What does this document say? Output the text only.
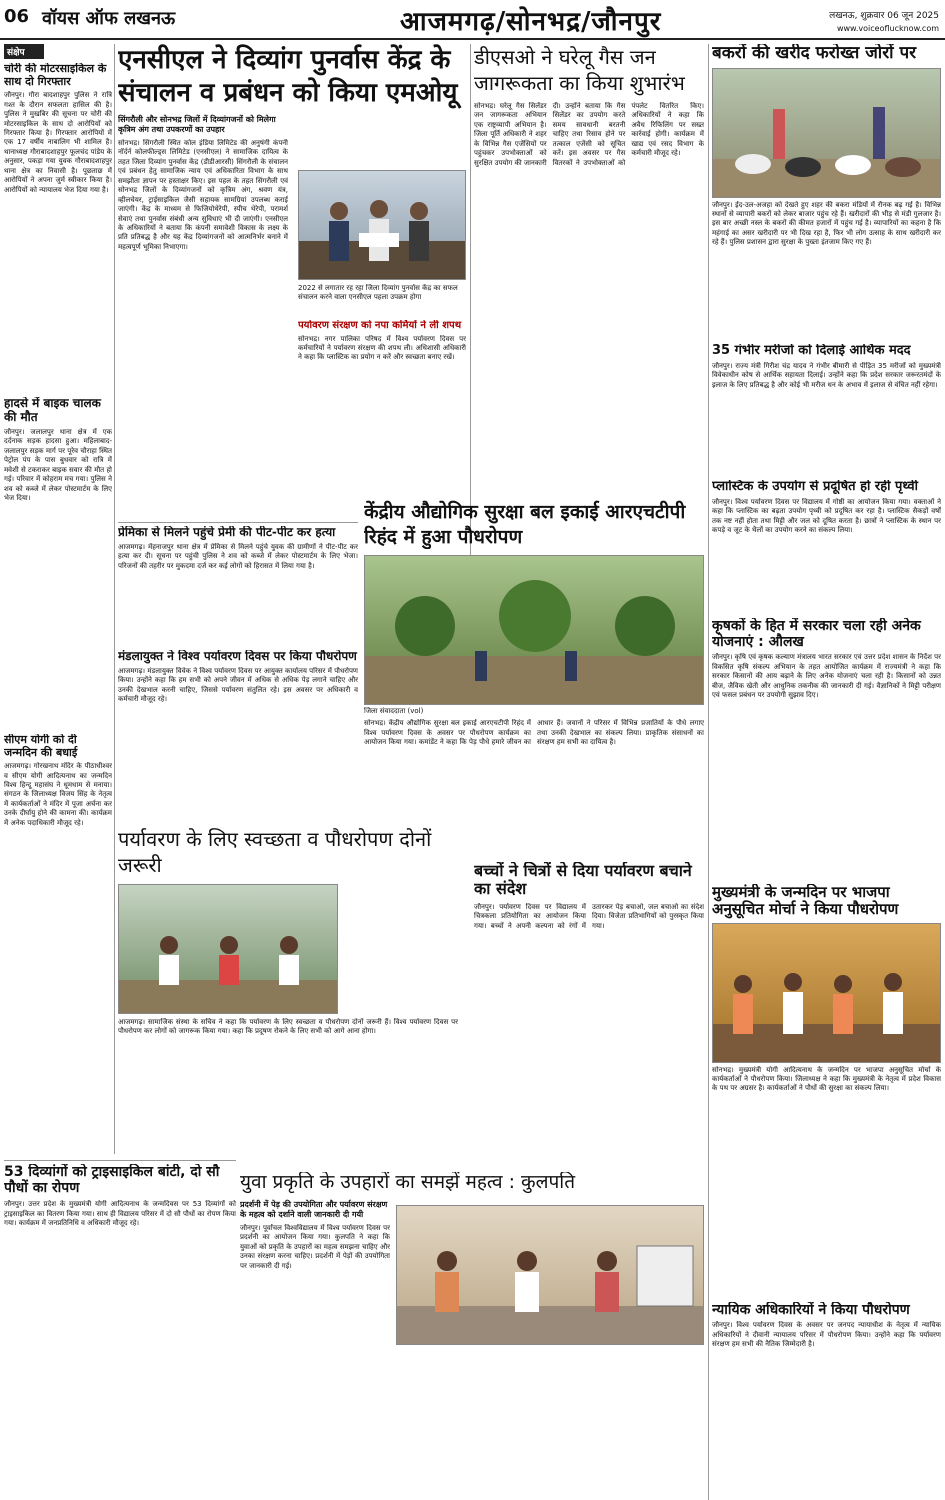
06 वॉयस ऑफ लखनऊ	आजमगढ़/सोनभद्र/जौनपुर	लखनऊ, शुक्रवार 06 जून 2025
www.voiceoflucknow.com
संक्षेप
चोरी की मोटरसाइकिल के साथ दो गिरफ्तार
जौनपुर। गौरा बादशाहपुर पुलिस ने रात्रि गश्त के दौरान सफलता हासिल की है। पुलिस ने मुखबिर की सूचना पर चोरी की मोटरसाइकिल के साथ दो आरोपियों को गिरफ्तार किया है। गिरफ्तार आरोपियों में एक 17 वर्षीय नाबालिग भी शामिल है। थानाध्यक्ष गौराबादशाहपुर फूलचंद पांडेय के अनुसार, पकड़ा गया युवक गौराबादशाहपुर थाना क्षेत्र का निवासी है। पूछताछ में आरोपियों ने अपना जुर्म स्वीकार किया है। आरोपियों को न्यायालय भेज दिया गया है।
हादसे में बाइक चालक की मौत
जौनपुर। जलालपुर थाना क्षेत्र में एक दर्दनाक सड़क हादसा हुआ। महिलाबाद-जलालपुर सड़क मार्ग पर पूरेव चौराहा स्थित पेट्रोल पंप के पास बुधवार को रात्रि में मवेशी से टकराकर बाइक सवार की मौत हो गई। परिवार में कोहराम मच गया। पुलिस ने शव को कब्जे में लेकर पोस्टमार्टम के लिए भेज दिया।
सीएम योगी को दी जन्मदिन की बधाई
आजमगढ़। गोरखनाथ मंदिर के पीठाधीश्वर व सीएम योगी आदित्यनाथ का जन्मदिन विश्व हिन्दू महासंघ ने धूमधाम से मनाया। संगठन के जिलाध्यक्ष विजय सिंह के नेतृत्व में कार्यकर्ताओं ने मंदिर में पूजा अर्चना कर उनके दीर्घायु होने की कामना की। कार्यक्रम में अनेक पदाधिकारी मौजूद रहे।
एनसीएल ने दिव्यांग पुनर्वास केंद्र के संचालन व प्रबंधन को किया एमओयू
सिंगरौली और सोनभद्र जिलों में दिव्यांगजनों को मिलेगा कृत्रिम अंग तथा उपकरणों का उपहार
सोनभद्र। सिंगरौली स्थित कोल इंडिया लिमिटेड की अनुषंगी कंपनी नॉर्दर्न कोलफील्ड्स लिमिटेड (एनसीएल) ने सामाजिक दायित्व के तहत जिला दिव्यांग पुनर्वास केंद्र (डीडीआरसी) सिंगरौली के संचालन एवं प्रबंधन हेतु सामाजिक न्याय एवं अधिकारिता विभाग के साथ समझौता ज्ञापन पर हस्ताक्षर किए। इस पहल के तहत सिंगरौली एवं सोनभद्र जिलों के दिव्यांगजनों को कृत्रिम अंग, श्रवण यंत्र, व्हीलचेयर, ट्राईसाइकिल जैसी सहायक सामग्रियां उपलब्ध कराई जाएंगी। केंद्र के माध्यम से फिजियोथेरेपी, स्पीच थेरेपी, परामर्श सेवाएं तथा पुनर्वास संबंधी अन्य सुविधाएं भी दी जाएंगी। एनसीएल के अधिकारियों ने बताया कि कंपनी समावेशी विकास के लक्ष्य के प्रति प्रतिबद्ध है और यह केंद्र दिव्यांगजनों को आत्मनिर्भर बनाने में महत्वपूर्ण भूमिका निभाएगा।
2022 से लगातार रह रहा जिला दिव्यांग पुनर्वास केंद्र का सफल संचालन करने वाला एनसीएल पहला उपक्रम होगा
पर्यावरण संरक्षण को नपा कर्मियों ने ली शपथ
सोनभद्र। नगर पालिका परिषद में विश्व पर्यावरण दिवस पर कर्मचारियों ने पर्यावरण संरक्षण की शपथ ली। अधिशासी अधिकारी ने कहा कि प्लास्टिक का प्रयोग न करें और स्वच्छता बनाए रखें।
डीएसओ ने घरेलू गैस जन जागरूकता का किया शुभारंभ
सोनभद्र। घरेलू गैस सिलेंडर जन जागरूकता अभियान एक राष्ट्रव्यापी अभियान है। जिला पूर्ति अधिकारी ने शहर के विभिन्न गैस एजेंसियों पर पहुंचकर उपभोक्ताओं को सुरक्षित उपयोग की जानकारी दी। उन्होंने बताया कि गैस सिलेंडर का उपयोग करते समय सावधानी बरतनी चाहिए तथा रिसाव होने पर तत्काल एजेंसी को सूचित करें। इस अवसर पर गैस वितरकों ने उपभोक्ताओं को पंपलेट वितरित किए। अधिकारियों ने कहा कि अवैध रिफिलिंग पर सख्त कार्रवाई होगी। कार्यक्रम में खाद्य एवं रसद विभाग के कर्मचारी मौजूद रहे।
बकरों की खरीद फरोख्त जोरों पर
जौनपुर। ईद-उल-अजहा को देखते हुए शहर की बकरा मंडियों में रौनक बढ़ गई है। विभिन्न स्थानों से व्यापारी बकरों को लेकर बाजार पहुंच रहे हैं। खरीदारों की भीड़ से मंडी गुलजार है। इस बार अच्छी नस्ल के बकरों की कीमत हजारों में पहुंच गई है। व्यापारियों का कहना है कि महंगाई का असर खरीदारी पर भी दिख रहा है, फिर भी लोग उत्साह के साथ खरीदारी कर रहे हैं। पुलिस प्रशासन द्वारा सुरक्षा के पुख्ता इंतजाम किए गए हैं।
35 गंभीर मरीजों को दिलाई आर्थिक मदद
जौनपुर। राज्य मंत्री गिरीश चंद्र यादव ने गंभीर बीमारी से पीड़ित 35 मरीजों को मुख्यमंत्री विवेकाधीन कोष से आर्थिक सहायता दिलाई। उन्होंने कहा कि प्रदेश सरकार जरूरतमंदों के इलाज के लिए प्रतिबद्ध है और कोई भी मरीज धन के अभाव में इलाज से वंचित नहीं रहेगा।
प्लास्टिक के उपयोग से प्रदूषित हो रही पृथ्वी
जौनपुर। विश्व पर्यावरण दिवस पर विद्यालय में गोष्ठी का आयोजन किया गया। वक्ताओं ने कहा कि प्लास्टिक का बढ़ता उपयोग पृथ्वी को प्रदूषित कर रहा है। प्लास्टिक सैकड़ों वर्षों तक नष्ट नहीं होता तथा मिट्टी और जल को दूषित करता है। छात्रों ने प्लास्टिक के स्थान पर कपड़े व जूट के थैलों का उपयोग करने का संकल्प लिया।
कृषकों के हित में सरकार चला रही अनेक योजनाएं : औलख
जौनपुर। कृषि एवं कृषक कल्याण मंत्रालय भारत सरकार एवं उत्तर प्रदेश शासन के निर्देश पर विकसित कृषि संकल्प अभियान के तहत आयोजित कार्यक्रम में राज्यमंत्री ने कहा कि सरकार किसानों की आय बढ़ाने के लिए अनेक योजनाएं चला रही है। किसानों को उन्नत बीज, जैविक खेती और आधुनिक तकनीक की जानकारी दी गई। वैज्ञानिकों ने मिट्टी परीक्षण एवं फसल प्रबंधन पर उपयोगी सुझाव दिए।
मुख्यमंत्री के जन्मदिन पर भाजपा अनुसूचित मोर्चा ने किया पौधरोपण
सोनभद्र। मुख्यमंत्री योगी आदित्यनाथ के जन्मदिन पर भाजपा अनुसूचित मोर्चा के कार्यकर्ताओं ने पौधरोपण किया। जिलाध्यक्ष ने कहा कि मुख्यमंत्री के नेतृत्व में प्रदेश विकास के पथ पर अग्रसर है। कार्यकर्ताओं ने पौधों की सुरक्षा का संकल्प लिया।
न्यायिक अधिकारियों ने किया पौधरोपण
जौनपुर। विश्व पर्यावरण दिवस के अवसर पर जनपद न्यायाधीश के नेतृत्व में न्यायिक अधिकारियों ने दीवानी न्यायालय परिसर में पौधरोपण किया। उन्होंने कहा कि पर्यावरण संरक्षण हम सभी की नैतिक जिम्मेदारी है।
प्रेमिका से मिलने पहुंचे प्रेमी की पीट-पीट कर हत्या
आजमगढ़। मेंहनाजपुर थाना क्षेत्र में प्रेमिका से मिलने पहुंचे युवक की ग्रामीणों ने पीट-पीट कर हत्या कर दी। सूचना पर पहुंची पुलिस ने शव को कब्जे में लेकर पोस्टमार्टम के लिए भेजा। परिजनों की तहरीर पर मुकदमा दर्ज कर कई लोगों को हिरासत में लिया गया है।
मंडलायुक्त ने विश्व पर्यावरण दिवस पर किया पौधरोपण
आजमगढ़। मंडलायुक्त विवेक ने विश्व पर्यावरण दिवस पर आयुक्त कार्यालय परिसर में पौधरोपण किया। उन्होंने कहा कि हम सभी को अपने जीवन में अधिक से अधिक पेड़ लगाने चाहिए और उनकी देखभाल करनी चाहिए, जिससे पर्यावरण संतुलित रहे। इस अवसर पर अधिकारी व कर्मचारी मौजूद रहे।
केंद्रीय औद्योगिक सुरक्षा बल इकाई आरएचटीपी रिहंद में हुआ पौधरोपण
जिला संवाददाता (vol)
सोनभद्र। केंद्रीय औद्योगिक सुरक्षा बल इकाई आरएचटीपी रिहंद में विश्व पर्यावरण दिवस के अवसर पर पौधरोपण कार्यक्रम का आयोजन किया गया। कमांडेंट ने कहा कि पेड़ पौधे हमारे जीवन का आधार हैं। जवानों ने परिसर में विभिन्न प्रजातियों के पौधे लगाए तथा उनकी देखभाल का संकल्प लिया। प्राकृतिक संसाधनों का संरक्षण हम सभी का दायित्व है।
पर्यावरण के लिए स्वच्छता व पौधरोपण दोनों जरूरी
आजमगढ़। सामाजिक संस्था के सचिव ने कहा कि पर्यावरण के लिए स्वच्छता व पौधरोपण दोनों जरूरी हैं। विश्व पर्यावरण दिवस पर पौधरोपण कर लोगों को जागरूक किया गया। कहा कि प्रदूषण रोकने के लिए सभी को आगे आना होगा।
बच्चों ने चित्रों से दिया पर्यावरण बचाने का संदेश
जौनपुर। पर्यावरण दिवस पर विद्यालय में चित्रकला प्रतियोगिता का आयोजन किया गया। बच्चों ने अपनी कल्पना को रंगों में उतारकर पेड़ बचाओ, जल बचाओ का संदेश दिया। विजेता प्रतिभागियों को पुरस्कृत किया गया।
53 दिव्यांगों को ट्राइसाइकिल बांटी, दो सौ पौधों का रोपण
जौनपुर। उत्तर प्रदेश के मुख्यमंत्री योगी आदित्यनाथ के जन्मदिवस पर 53 दिव्यांगों को ट्राइसाइकिल का वितरण किया गया। साथ ही विद्यालय परिसर में दो सौ पौधों का रोपण किया गया। कार्यक्रम में जनप्रतिनिधि व अधिकारी मौजूद रहे।
युवा प्रकृति के उपहारों का समझें महत्व : कुलपति
प्रदर्शनी में पेड़ की उपयोगिता और पर्यावरण संरक्षण के महत्व को दर्शाने वाली जानकारी दी गयी
जौनपुर। पूर्वांचल विश्वविद्यालय में विश्व पर्यावरण दिवस पर प्रदर्शनी का आयोजन किया गया। कुलपति ने कहा कि युवाओं को प्रकृति के उपहारों का महत्व समझना चाहिए और उनका संरक्षण करना चाहिए। प्रदर्शनी में पेड़ों की उपयोगिता पर जानकारी दी गई।
